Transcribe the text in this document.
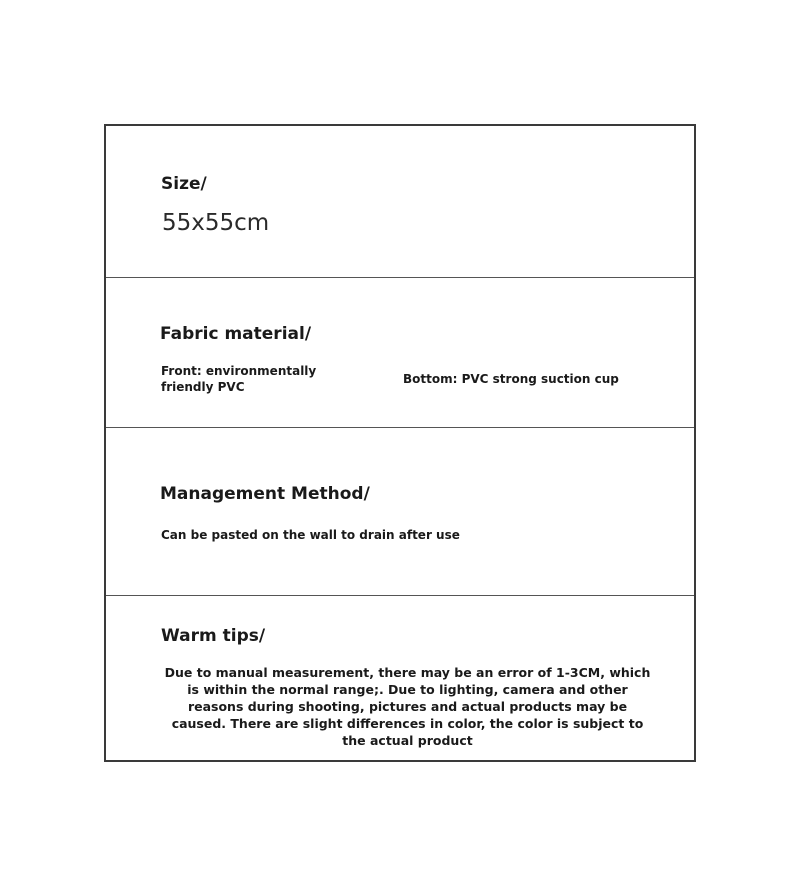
Size/
55x55cm
Fabric material/
Front: environmentally friendly PVC
Bottom: PVC strong suction cup
Management Method/
Can be pasted on the wall to drain after use
Warm tips/
Due to manual measurement, there may be an error of 1-3CM, which is within the normal range;. Due to lighting, camera and other reasons during shooting, pictures and actual products may be caused. There are slight differences in color, the color is subject to the actual product
